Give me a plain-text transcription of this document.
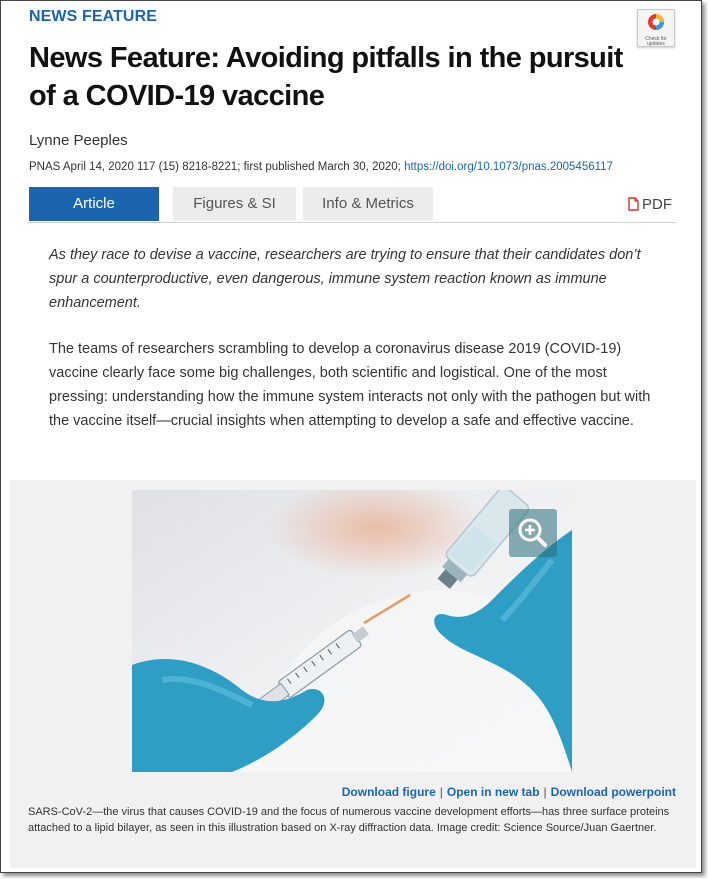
NEWS FEATURE
Check for updates
News Feature: Avoiding pitfalls in the pursuit of a COVID-19 vaccine
Lynne Peeples
PNAS April 14, 2020 117 (15) 8218-8221; first published March 30, 2020; https://doi.org/10.1073/pnas.2005456117
Article	Figures & SI	Info & Metrics	PDF

As they race to devise a vaccine, researchers are trying to ensure that their candidates don’t spur a counterproductive, even dangerous, immune system reaction known as immune enhancement.

The teams of researchers scrambling to develop a coronavirus disease 2019 (COVID-19) vaccine clearly face some big challenges, both scientific and logistical. One of the most pressing: understanding how the immune system interacts not only with the pathogen but with the vaccine itself—crucial insights when attempting to develop a safe and effective vaccine.

Download figure | Open in new tab | Download powerpoint

SARS-CoV-2—the virus that causes COVID-19 and the focus of numerous vaccine development efforts—has three surface proteins attached to a lipid bilayer, as seen in this illustration based on X-ray diffraction data. Image credit: Science Source/Juan Gaertner.
